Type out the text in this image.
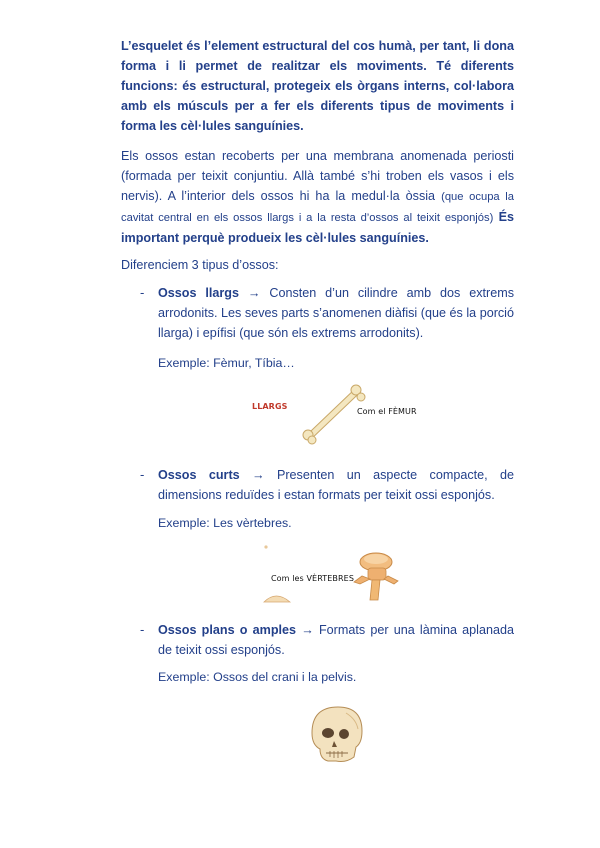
L’esquelet és l’element estructural del cos humà, per tant, li dona forma i li permet de realitzar els moviments. Té diferents funcions: és estructural, protegeix els òrgans interns, col·labora amb els músculs per a fer els diferents tipus de moviments i forma les cèl·lules sanguínies.

Els ossos estan recoberts per una membrana anomenada periosti (formada per teixit conjuntiu. Allà també s’hi troben els vasos i els nervis). A l’interior dels ossos hi ha la medul·la òssia (que ocupa la cavitat central en els ossos llargs i a la resta d’ossos al teixit esponjós) És important perquè produeix les cèl·lules sanguínies.

Diferenciem 3 tipus d’ossos:

- Ossos llargs → Consten d’un cilindre amb dos extrems arrodonits. Les seves parts s’anomenen diàfisi (que és la porció llarga) i epífisi (que són els extrems arrodonits).

Exemple: Fèmur, Tíbia…

LLARGS
Com el FÈMUR
- Ossos curts → Presenten un aspecte compacte, de dimensions reduïdes i estan formats per teixit ossi esponjós.

Exemple: Les vèrtebres.

Com les VÈRTEBRES
- Ossos plans o amples → Formats per una làmina aplanada de teixit ossi esponjós.

Exemple: Ossos del crani i la pelvis.
